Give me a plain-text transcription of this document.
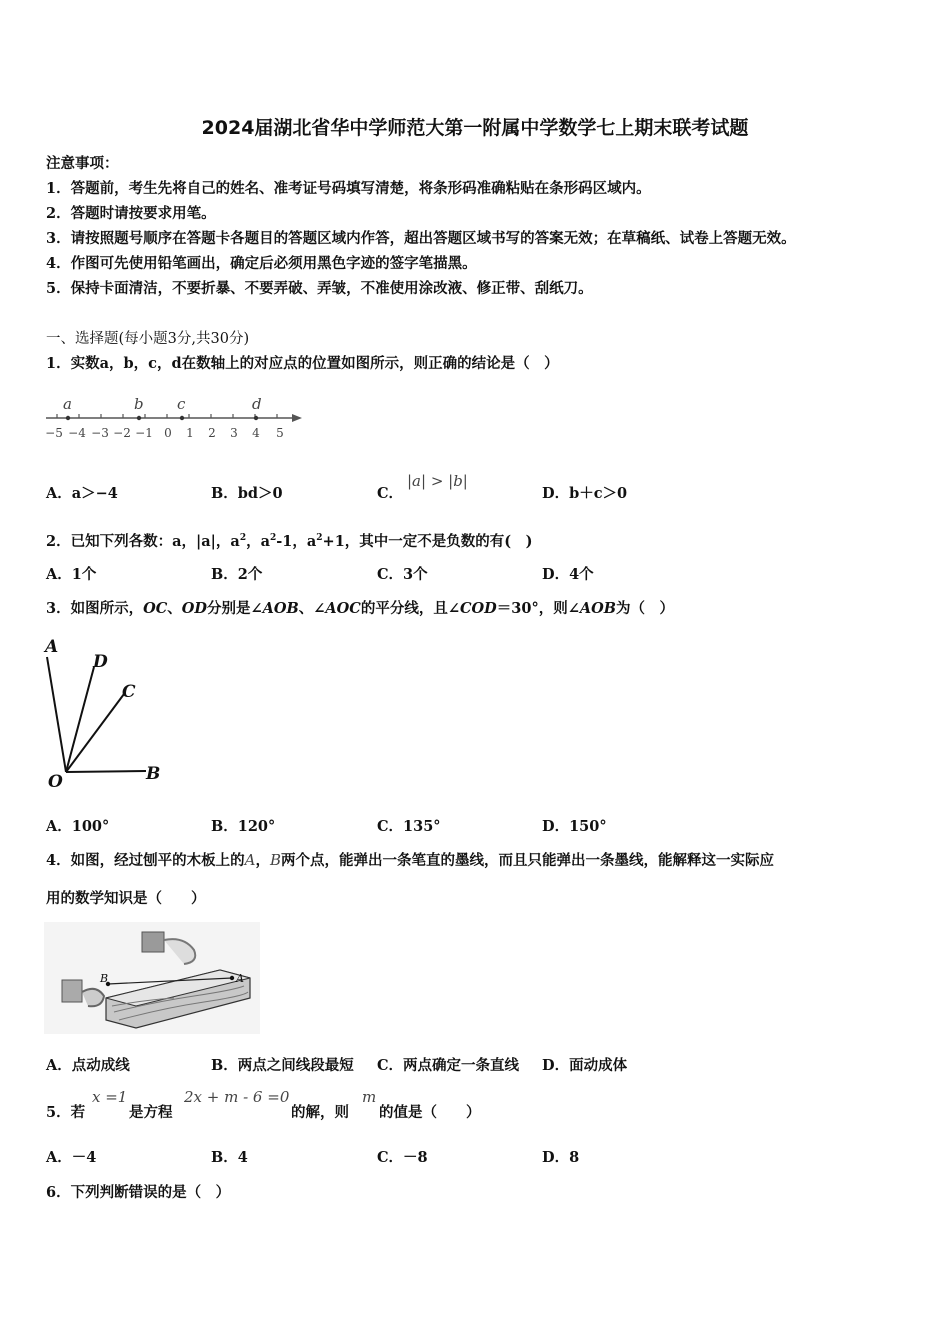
2024届湖北省华中学师范大第一附属中学数学七上期末联考试题
注意事项：
1．答题前，考生先将自己的姓名、准考证号码填写清楚，将条形码准确粘贴在条形码区域内。
2．答题时请按要求用笔。
3．请按照题号顺序在答题卡各题目的答题区域内作答，超出答题区域书写的答案无效；在草稿纸、试卷上答题无效。
4．作图可先使用铅笔画出，确定后必须用黑色字迹的签字笔描黑。
5．保持卡面清洁，不要折暴、不要弄破、弄皱，不准使用涂改液、修正带、刮纸刀。
一、选择题(每小题3分,共30分)
1．实数a，b，c，d在数轴上的对应点的位置如图所示，则正确的结论是（　）
a	b c	d
−5 −4 −3 −2 −1 0 1 2 3 4 5
A．a＞−4	B．bd＞0	C．
|a| > |b|
D．b＋c＞0
2．已知下列各数：a，|a|，$a^2$，$a^2-1$，$a^2+1$，其中一定不是负数的有(　)
A．1个	B．2个	C．3个	D．4个
3．如图所示，OC、OD分别是∠AOB、∠AOC的平分线，且∠COD＝30°，则∠AOB为（　）
A
D
C
O	B
A．100°	B．120°	C．135°	D．150°
4．如图，经过刨平的木板上的A，B两个点，能弹出一条笔直的墨线，而且只能弹出一条墨线，能解释这一实际应
用的数学知识是（　　）
B	A
A．点动成线	B．两点之间线段最短 C．两点确定一条直线 D．面动成体
5．若
x =1
是方程
2x + m - 6 =0
的解，则
m
的值是（　　）
A．－4	B．4	C．－8	D．8
6．下列判断错误的是（　）
